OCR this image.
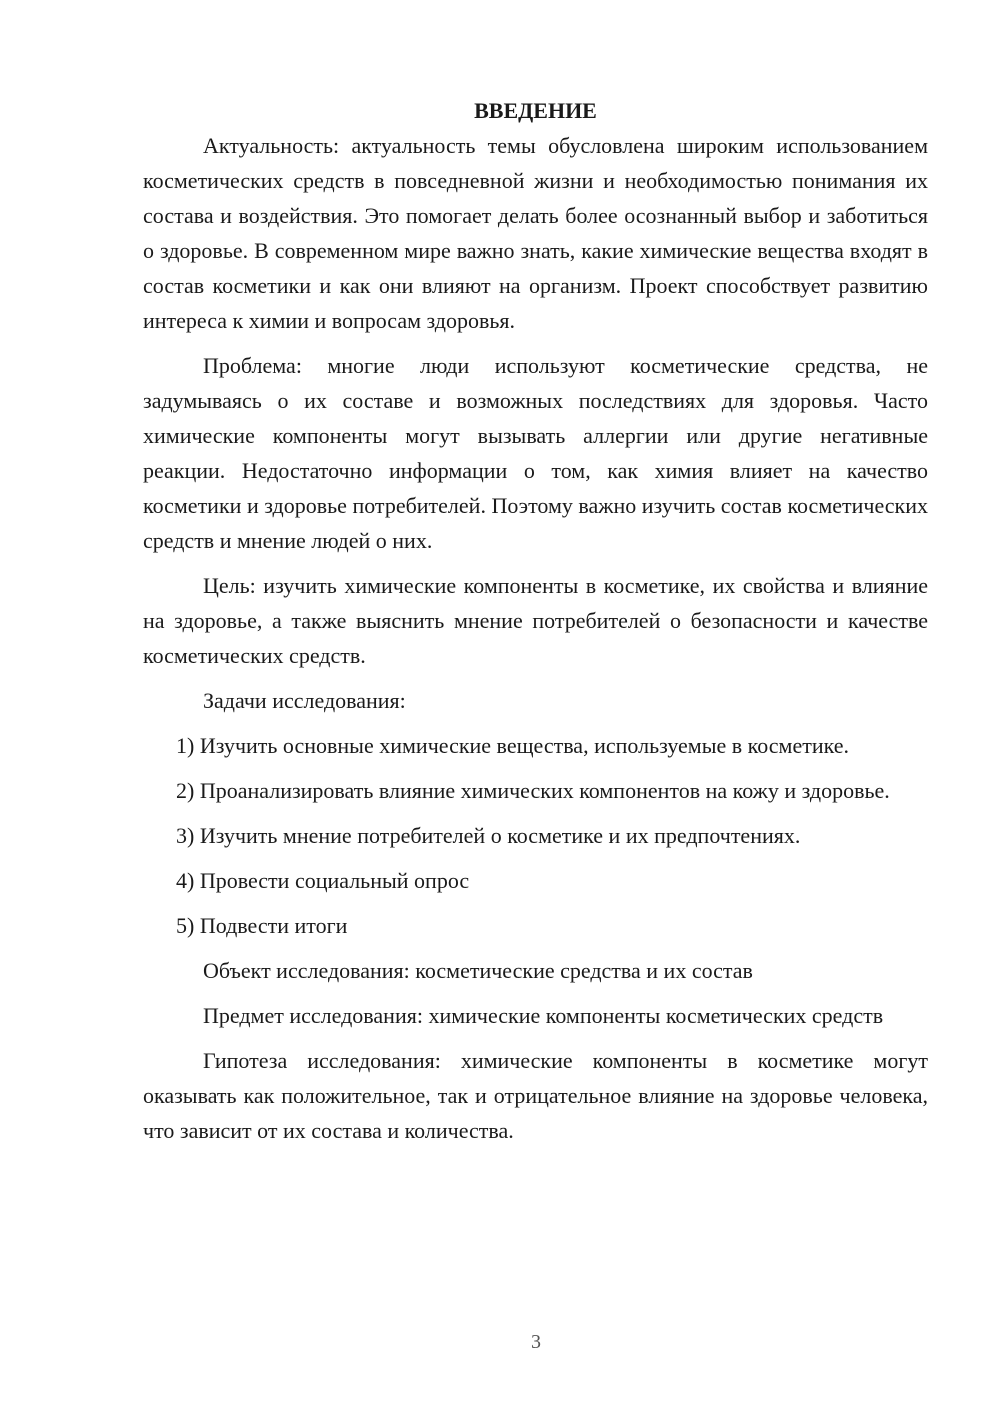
ВВЕДЕНИЕ

Актуальность: актуальность темы обусловлена широким использованием косметических средств в повседневной жизни и необходимостью понимания их состава и воздействия. Это помогает делать более осознанный выбор и заботиться о здоровье. В современном мире важно знать, какие химические вещества входят в состав косметики и как они влияют на организм. Проект способствует развитию интереса к химии и вопросам здоровья.

Проблема: многие люди используют косметические средства, не задумываясь о их составе и возможных последствиях для здоровья. Часто химические компоненты могут вызывать аллергии или другие негативные реакции. Недостаточно информации о том, как химия влияет на качество косметики и здоровье потребителей. Поэтому важно изучить состав косметических средств и мнение людей о них.

Цель: изучить химические компоненты в косметике, их свойства и влияние на здоровье, а также выяснить мнение потребителей о безопасности и качестве косметических средств.

Задачи исследования:

1) Изучить основные химические вещества, используемые в косметике.

2) Проанализировать влияние химических компонентов на кожу и здоровье.

3) Изучить мнение потребителей о косметике и их предпочтениях.

4) Провести социальный опрос

5) Подвести итоги

Объект исследования: косметические средства и их состав

Предмет исследования: химические компоненты косметических средств

Гипотеза исследования: химические компоненты в косметике могут оказывать как положительное, так и отрицательное влияние на здоровье человека, что зависит от их состава и количества.

3
